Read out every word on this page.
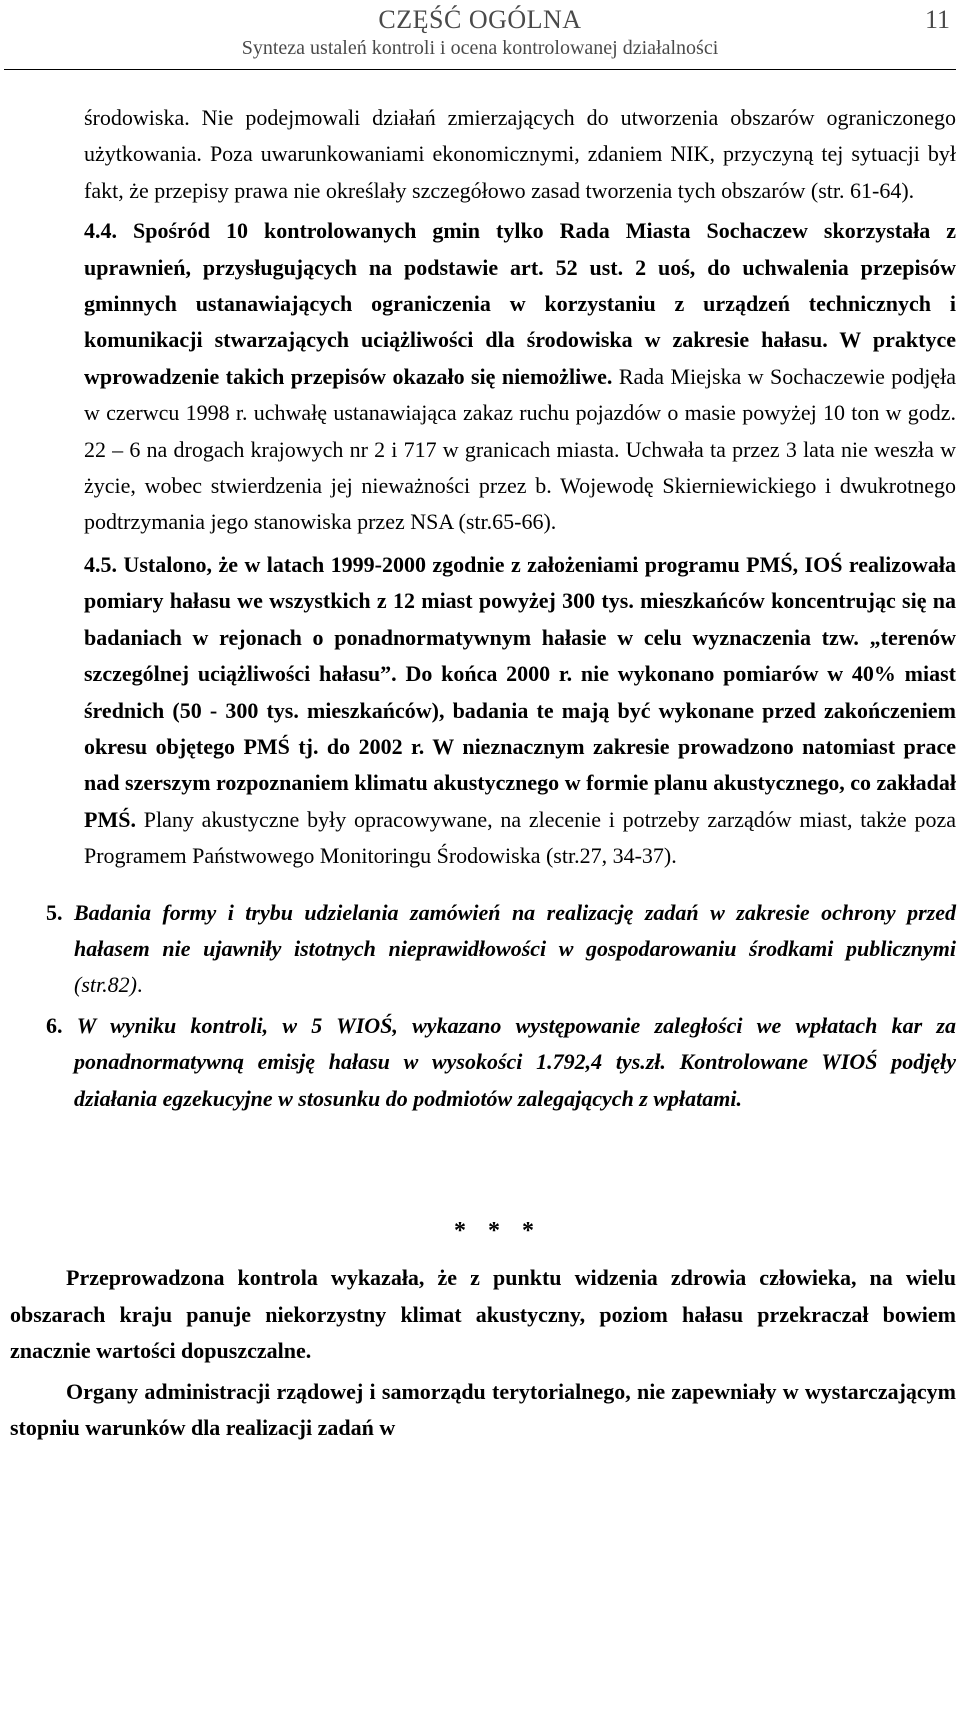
CZĘŚĆ OGÓLNA
Synteza ustaleń kontroli i ocena kontrolowanej działalności
11

środowiska. Nie podejmowali działań zmierzających do utworzenia obszarów ograniczonego użytkowania. Poza uwarunkowaniami ekonomicznymi, zdaniem NIK, przyczyną tej sytuacji był fakt, że przepisy prawa nie określały szczegółowo zasad tworzenia tych obszarów (str. 61-64).

4.4. Spośród 10 kontrolowanych gmin tylko Rada Miasta Sochaczew skorzystała z uprawnień, przysługujących na podstawie art. 52 ust. 2 uoś, do uchwalenia przepisów gminnych ustanawiających ograniczenia w korzystaniu z urządzeń technicznych i komunikacji stwarzających uciążliwości dla środowiska w zakresie hałasu. W praktyce wprowadzenie takich przepisów okazało się niemożliwe. Rada Miejska w Sochaczewie podjęła w czerwcu 1998 r. uchwałę ustanawiająca zakaz ruchu pojazdów o masie powyżej 10 ton w godz. 22 – 6 na drogach krajowych nr 2 i 717 w granicach miasta. Uchwała ta przez 3 lata nie weszła w życie, wobec stwierdzenia jej nieważności przez b. Wojewodę Skierniewickiego i dwukrotnego podtrzymania jego stanowiska przez NSA (str.65-66).

4.5. Ustalono, że w latach 1999-2000 zgodnie z założeniami programu PMŚ, IOŚ realizowała pomiary hałasu we wszystkich z 12 miast powyżej 300 tys. mieszkańców koncentrując się na badaniach w rejonach o ponadnormatywnym hałasie w celu wyznaczenia tzw. „terenów szczególnej uciążliwości hałasu”. Do końca 2000 r. nie wykonano pomiarów w 40% miast średnich (50 - 300 tys. mieszkańców), badania te mają być wykonane przed zakończeniem okresu objętego PMŚ tj. do 2002 r. W nieznacznym zakresie prowadzono natomiast prace nad szerszym rozpoznaniem klimatu akustycznego w formie planu akustycznego, co zakładał PMŚ. Plany akustyczne były opracowywane, na zlecenie i potrzeby zarządów miast, także poza Programem Państwowego Monitoringu Środowiska (str.27, 34-37).

5. Badania formy i trybu udzielania zamówień na realizację zadań w zakresie ochrony przed hałasem nie ujawniły istotnych nieprawidłowości w gospodarowaniu środkami publicznymi (str.82).

6. W wyniku kontroli, w 5 WIOŚ, wykazano występowanie zaległości we wpłatach kar za ponadnormatywną emisję hałasu w wysokości 1.792,4 tys.zł. Kontrolowane WIOŚ podjęły działania egzekucyjne w stosunku do podmiotów zalegających z wpłatami.

* * *

Przeprowadzona kontrola wykazała, że z punktu widzenia zdrowia człowieka, na wielu obszarach kraju panuje niekorzystny klimat akustyczny, poziom hałasu przekraczał bowiem znacznie wartości dopuszczalne.

Organy administracji rządowej i samorządu terytorialnego, nie zapewniały w wystarczającym stopniu warunków dla realizacji zadań w
